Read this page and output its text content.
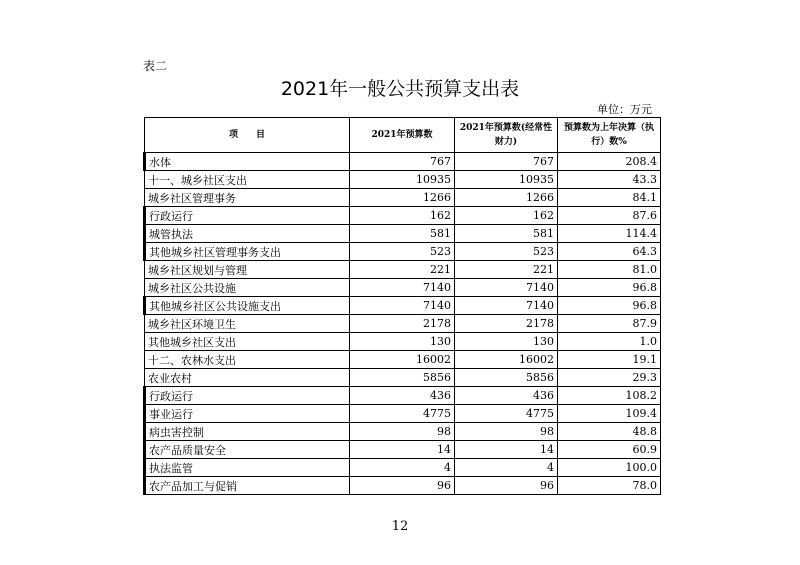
表二
2021年一般公共预算支出表
单位：万元
项　　目	2021年预算数	2021年预算数(经常性财力)	预算数为上年决算（执行）数%
水体	767	767	208.4
十一、城乡社区支出	10935	10935	43.3
城乡社区管理事务	1266	1266	84.1
行政运行	162	162	87.6
城管执法	581	581	114.4
其他城乡社区管理事务支出	523	523	64.3
城乡社区规划与管理	221	221	81.0
城乡社区公共设施	7140	7140	96.8
其他城乡社区公共设施支出	7140	7140	96.8
城乡社区环境卫生	2178	2178	87.9
其他城乡社区支出	130	130	1.0
十二、农林水支出	16002	16002	19.1
农业农村	5856	5856	29.3
行政运行	436	436	108.2
事业运行	4775	4775	109.4
病虫害控制	98	98	48.8
农产品质量安全	14	14	60.9
执法监管	4	4	100.0
农产品加工与促销	96	96	78.0
12
